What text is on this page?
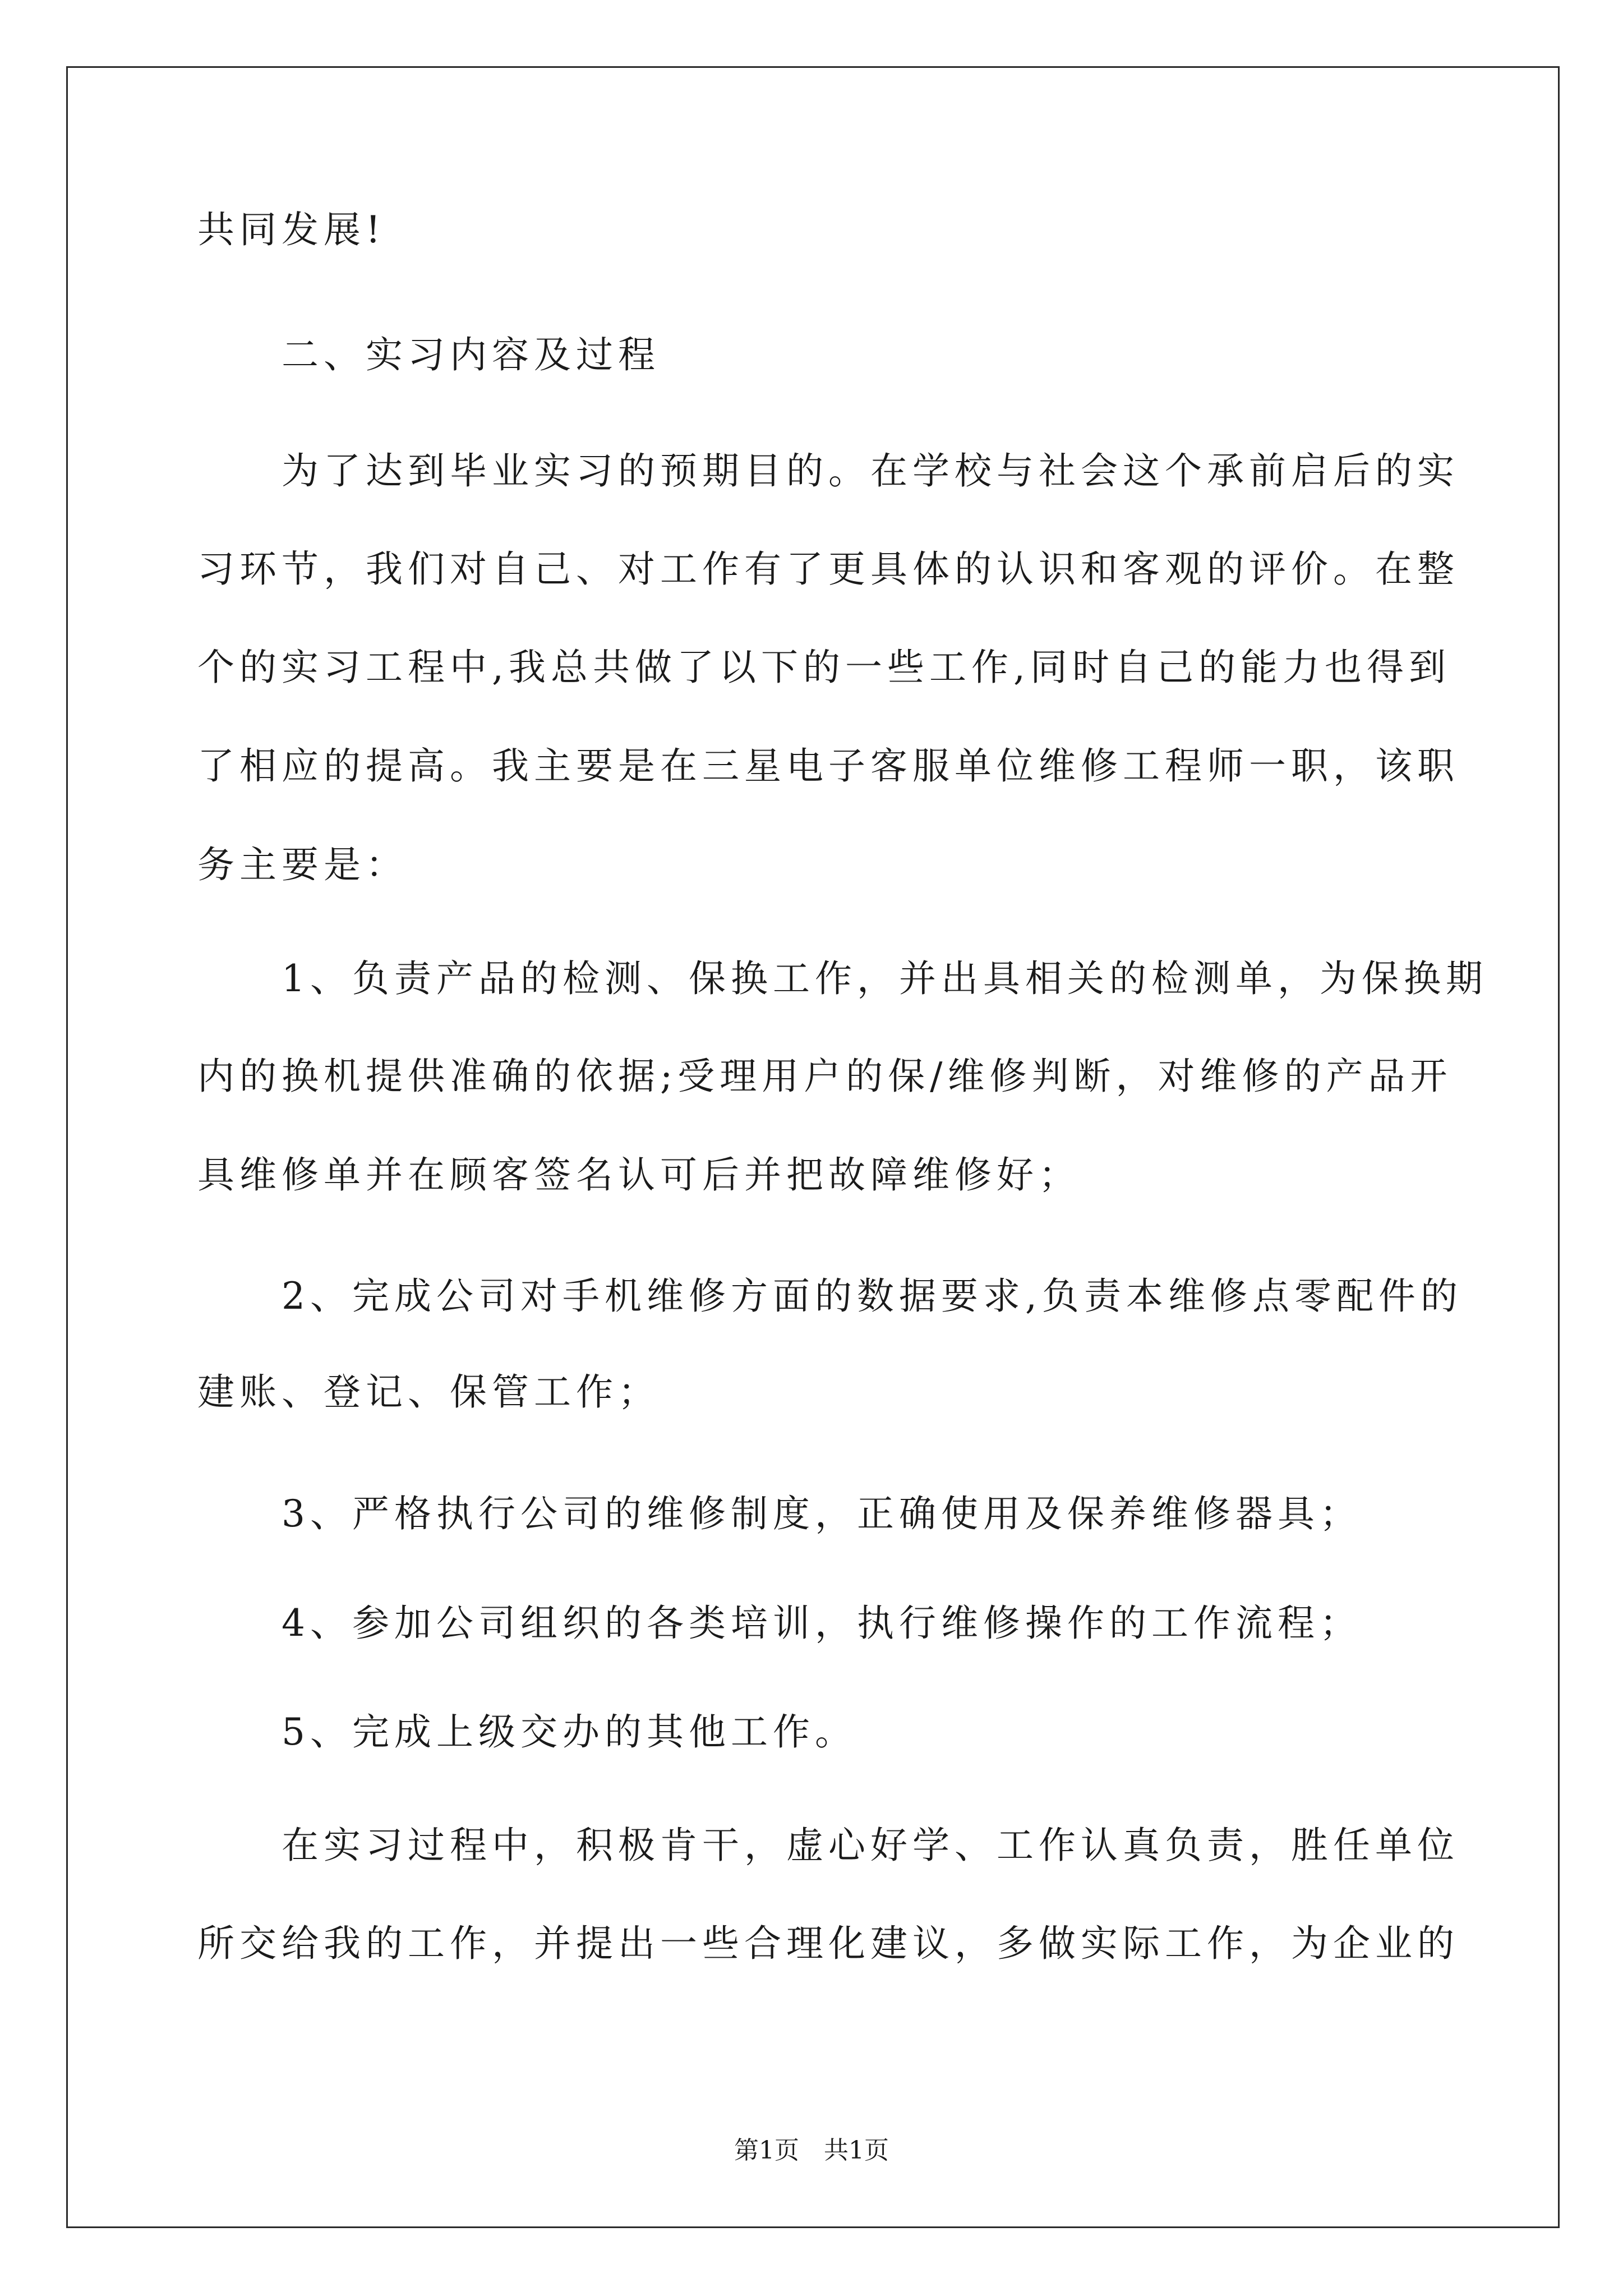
共同发展!
二、实习内容及过程
为了达到毕业实习的预期目的。在学校与社会这个承前启后的实
习环节，我们对自己、对工作有了更具体的认识和客观的评价。在整
个的实习工程中,我总共做了以下的一些工作,同时自己的能力也得到
了相应的提高。我主要是在三星电子客服单位维修工程师一职，该职
务主要是：
1、负责产品的检测、保换工作，并出具相关的检测单，为保换期
内的换机提供准确的依据;受理用户的保/维修判断，对维修的产品开
具维修单并在顾客签名认可后并把故障维修好；
2、完成公司对手机维修方面的数据要求,负责本维修点零配件的
建账、登记、保管工作；
3、严格执行公司的维修制度，正确使用及保养维修器具；
4、参加公司组织的各类培训，执行维修操作的工作流程；
5、完成上级交办的其他工作。
在实习过程中，积极肯干，虚心好学、工作认真负责，胜任单位
所交给我的工作，并提出一些合理化建议，多做实际工作，为企业的
第1页　共1页
